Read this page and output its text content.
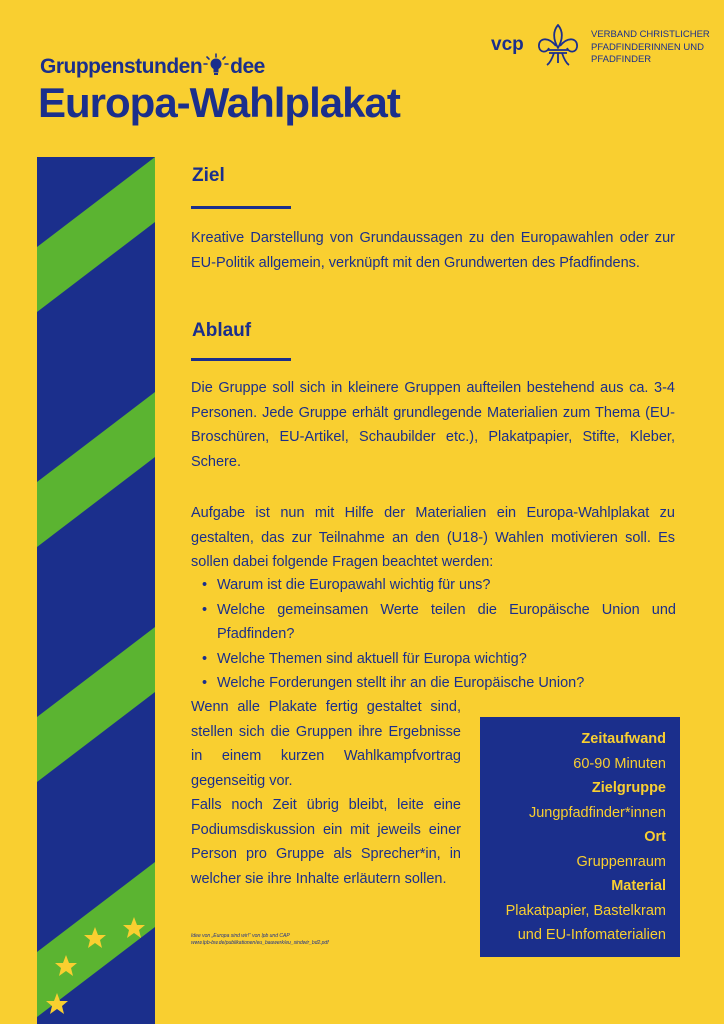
Gruppenstunden dee
Europa-Wahlplakat
vcp	VERBAND CHRISTLICHER
PFADFINDERINNEN UND
PFADFINDER
Ziel
Kreative Darstellung von Grundaussagen zu den Europawahlen oder zur EU-Politik allgemein, verknüpft mit den Grundwerten des Pfadfindens.
Ablauf
Die Gruppe soll sich in kleinere Gruppen aufteilen bestehend aus ca. 3-4 Personen. Jede Gruppe erhält grundlegende Materialien zum Thema (EU-Broschüren, EU-Artikel, Schaubilder etc.), Plakatpapier, Stifte, Kleber, Schere.
Aufgabe ist nun mit Hilfe der Materialien ein Europa-Wahlplakat zu gestalten, das zur Teilnahme an den (U18-) Wahlen motivieren soll. Es sollen dabei folgende Fragen beachtet werden:
• Warum ist die Europawahl wichtig für uns?
• Welche gemeinsamen Werte teilen die Europäische Union und Pfadfinden?
• Welche Themen sind aktuell für Europa wichtig?
• Welche Forderungen stellt ihr an die Europäische Union?
Wenn alle Plakate fertig gestaltet sind, stellen sich die Gruppen ihre Ergebnisse in einem kurzen Wahlkampfvortrag gegenseitig vor.
Falls noch Zeit übrig bleibt, leite eine Podiumsdiskussion ein mit jeweils einer Person pro Gruppe als Sprecher*in, in welcher sie ihre Inhalte erläutern sollen.
Idee von „Europa sind wir!“ von lpb und CAP
www.lpb-bw.de/publikationen/eu_bauwerk/eu_sindwir_bd2.pdf
Zeitaufwand
60-90 Minuten
Zielgruppe
Jungpfadfinder*innen
Ort
Gruppenraum
Material
Plakatpapier, Bastelkram
und EU-Infomaterialien
